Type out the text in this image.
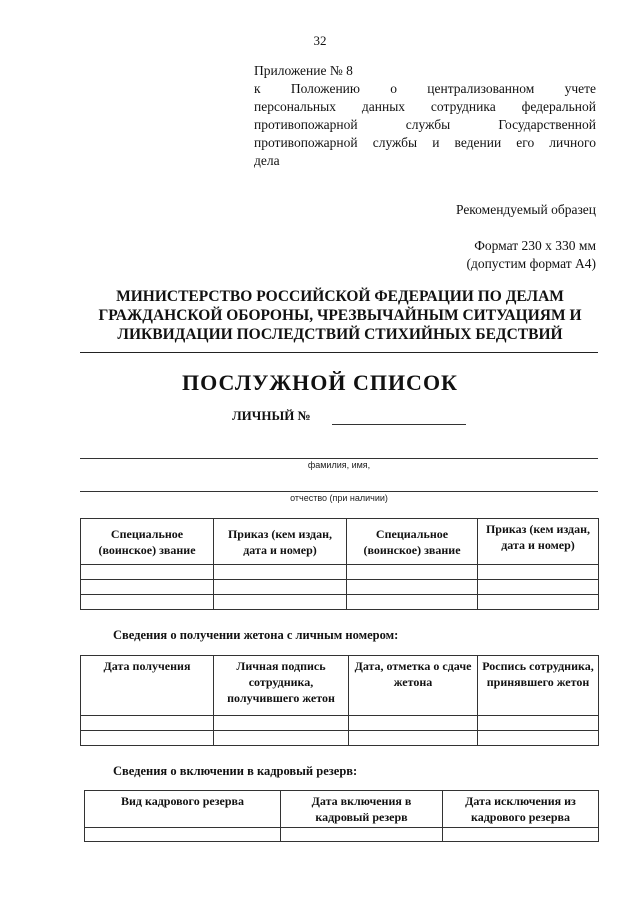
32
Приложение № 8
к Положению о централизованном учете
персональных данных сотрудника федеральной
противопожарной службы Государственной
противопожарной службы и ведении его личного
дела
Рекомендуемый образец
Формат 230 х 330 мм
(допустим формат А4)
МИНИСТЕРСТВО РОССИЙСКОЙ ФЕДЕРАЦИИ ПО ДЕЛАМ
ГРАЖДАНСКОЙ ОБОРОНЫ, ЧРЕЗВЫЧАЙНЫМ СИТУАЦИЯМ И
ЛИКВИДАЦИИ ПОСЛЕДСТВИЙ СТИХИЙНЫХ БЕДСТВИЙ
ПОСЛУЖНОЙ СПИСОК
ЛИЧНЫЙ №
фамилия, имя,
отчество (при наличии)
Специальное (воинское) звание	Приказ (кем издан, дата и номер)	Специальное (воинское) звание	Приказ (кем издан, дата и номер)

Сведения о получении жетона с личным номером:
Дата получения	Личная подпись сотрудника, получившего жетон	Дата, отметка о сдаче жетона	Роспись сотрудника, принявшего жетон

Сведения о включении в кадровый резерв:
Вид кадрового резерва	Дата включения в кадровый резерв	Дата исключения из кадрового резерва
